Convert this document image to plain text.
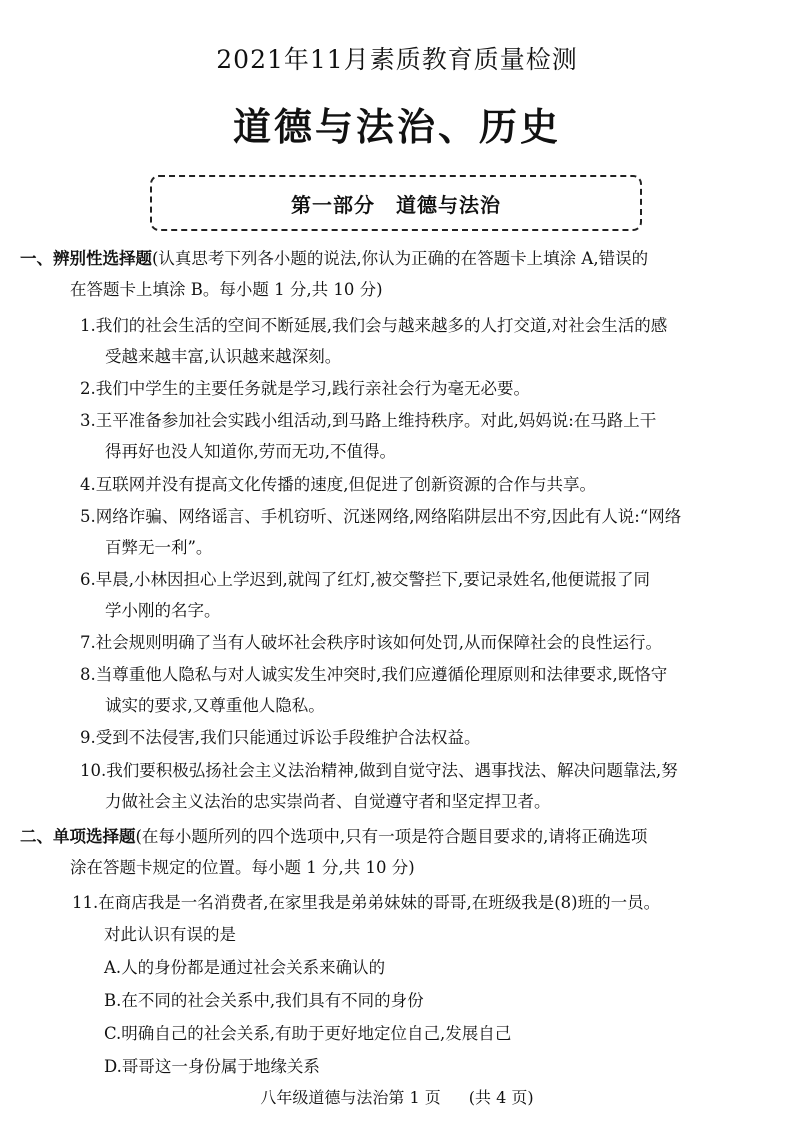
2021年11月素质教育质量检测
道德与法治、历史
第一部分　道德与法治
一、辨别性选择题(认真思考下列各小题的说法,你认为正确的在答题卡上填涂 A,错误的
在答题卡上填涂 B。每小题 1 分,共 10 分)
1.我们的社会生活的空间不断延展,我们会与越来越多的人打交道,对社会生活的感
受越来越丰富,认识越来越深刻。
2.我们中学生的主要任务就是学习,践行亲社会行为毫无必要。
3.王平准备参加社会实践小组活动,到马路上维持秩序。对此,妈妈说:在马路上干
得再好也没人知道你,劳而无功,不值得。
4.互联网并没有提高文化传播的速度,但促进了创新资源的合作与共享。
5.网络诈骗、网络谣言、手机窃听、沉迷网络,网络陷阱层出不穷,因此有人说:“网络
百弊无一利”。
6.早晨,小林因担心上学迟到,就闯了红灯,被交警拦下,要记录姓名,他便谎报了同
学小刚的名字。
7.社会规则明确了当有人破坏社会秩序时该如何处罚,从而保障社会的良性运行。
8.当尊重他人隐私与对人诚实发生冲突时,我们应遵循伦理原则和法律要求,既恪守
诚实的要求,又尊重他人隐私。
9.受到不法侵害,我们只能通过诉讼手段维护合法权益。
10.我们要积极弘扬社会主义法治精神,做到自觉守法、遇事找法、解决问题靠法,努
力做社会主义法治的忠实崇尚者、自觉遵守者和坚定捍卫者。
二、单项选择题(在每小题所列的四个选项中,只有一项是符合题目要求的,请将正确选项
涂在答题卡规定的位置。每小题 1 分,共 10 分)
11.在商店我是一名消费者,在家里我是弟弟妹妹的哥哥,在班级我是(8)班的一员。
对此认识有误的是
A.人的身份都是通过社会关系来确认的
B.在不同的社会关系中,我们具有不同的身份
C.明确自己的社会关系,有助于更好地定位自己,发展自己
D.哥哥这一身份属于地缘关系
八年级道德与法治第 1 页 (共 4 页)
